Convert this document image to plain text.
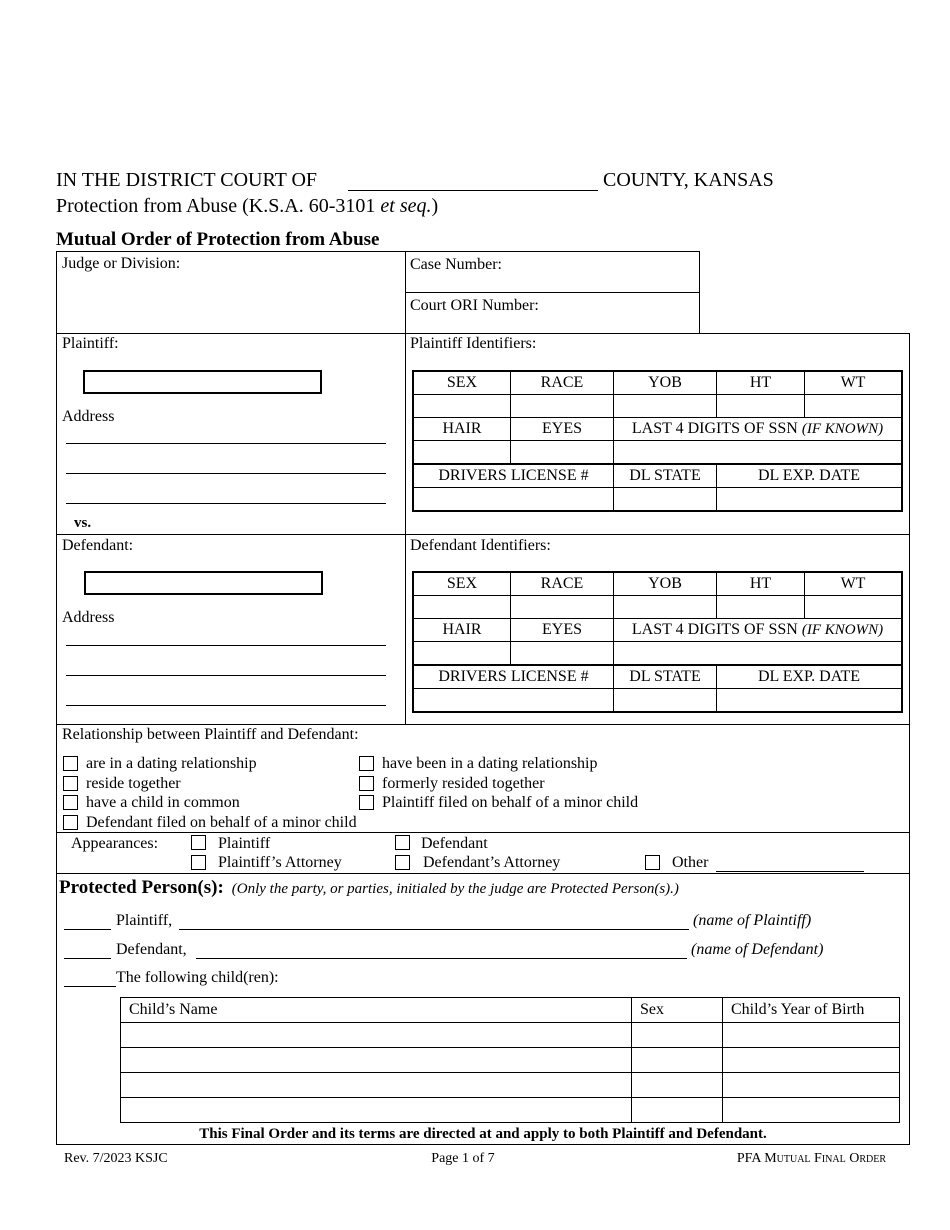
IN THE DISTRICT COURT OF	COUNTY, KANSAS
Protection from Abuse (K.S.A. 60-3101 et seq.)
Mutual Order of Protection from Abuse
Judge or Division:	Case Number:
Court ORI Number:
Plaintiff:
Address
vs.
Plaintiff Identifiers:
SEX	RACE	YOB	HT	WT

HAIR	EYES	LAST 4 DIGITS OF SSN (IF KNOWN)		

DRIVERS LICENSE #		DL STATE	DL EXP. DATE	

Defendant:
Address
Defendant Identifiers:
SEX	RACE	YOB	HT	WT

HAIR	EYES	LAST 4 DIGITS OF SSN (IF KNOWN)		

DRIVERS LICENSE #		DL STATE	DL EXP. DATE	

Relationship between Plaintiff and Defendant:
are in a dating relationship	have been in a dating relationship
reside together	formerly resided together
have a child in common	Plaintiff filed on behalf of a minor child
Defendant filed on behalf of a minor child
Appearances:	Plaintiff	Defendant
Plaintiff’s Attorney	Defendant’s Attorney	Other
Protected Person(s): (Only the party, or parties, initialed by the judge are Protected Person(s).)
Plaintiff,	(name of Plaintiff)
Defendant,	(name of Defendant)
The following child(ren):
Child’s Name	Sex	Child’s Year of Birth

This Final Order and its terms are directed at and apply to both Plaintiff and Defendant.
Rev. 7/2023 KSJC	Page 1 of 7	PFA Mutual Final Order
